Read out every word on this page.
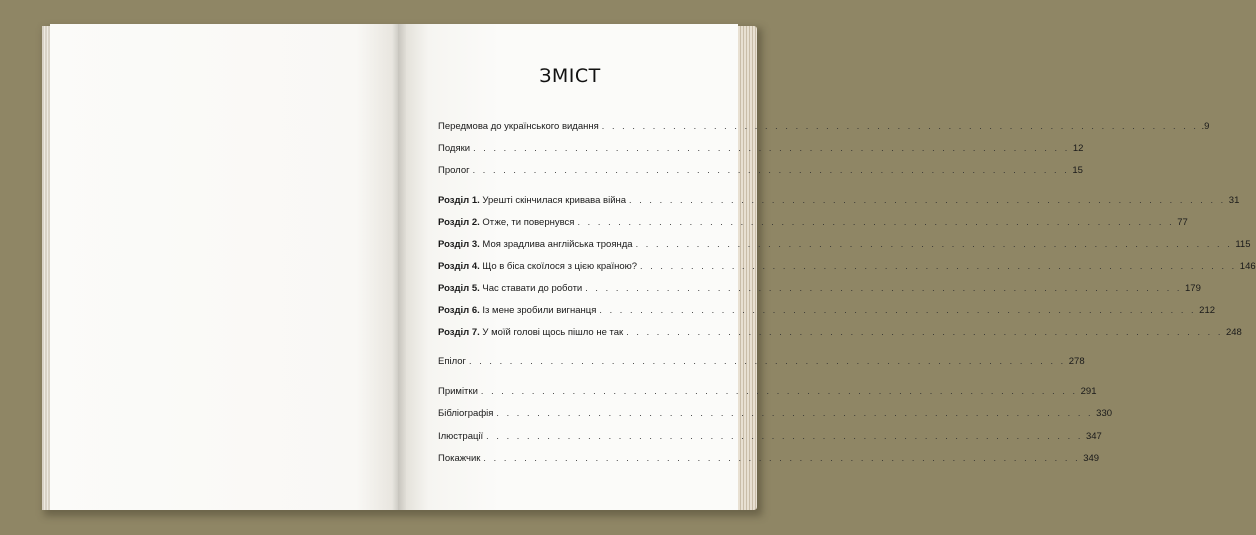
ЗМІСТ
Передмова до українського видання . . . . . . . . . . . . . . . . . . . . . . . . . . . . . . . . . . . . . . . . . . . . . . . . . . . . . . . . . . . .9
Подяки . . . . . . . . . . . . . . . . . . . . . . . . . . . . . . . . . . . . . . . . . . . . . . . . . . . . . . . . . . . 12
Пролог . . . . . . . . . . . . . . . . . . . . . . . . . . . . . . . . . . . . . . . . . . . . . . . . . . . . . . . . . . . 15
Розділ 1. Урешті скінчилася кривава війна . . . . . . . . . . . . . . . . . . . . . . . . . . . . . . . . . . . . . . . . . . . . . . . . . . . . . . . . . . . 31
Розділ 2. Отже, ти повернувся . . . . . . . . . . . . . . . . . . . . . . . . . . . . . . . . . . . . . . . . . . . . . . . . . . . . . . . . . . . 77
Розділ 3. Моя зрадлива англійська троянда . . . . . . . . . . . . . . . . . . . . . . . . . . . . . . . . . . . . . . . . . . . . . . . . . . . . . . . . . . . 115
Розділ 4. Що в біса скоїлося з цією країною? . . . . . . . . . . . . . . . . . . . . . . . . . . . . . . . . . . . . . . . . . . . . . . . . . . . . . . . . . . . 146
Розділ 5. Час ставати до роботи . . . . . . . . . . . . . . . . . . . . . . . . . . . . . . . . . . . . . . . . . . . . . . . . . . . . . . . . . . . 179
Розділ 6. Із мене зробили вигнанця . . . . . . . . . . . . . . . . . . . . . . . . . . . . . . . . . . . . . . . . . . . . . . . . . . . . . . . . . . . 212
Розділ 7. У моїй голові щось пішло не так . . . . . . . . . . . . . . . . . . . . . . . . . . . . . . . . . . . . . . . . . . . . . . . . . . . . . . . . . . . 248
Епілог . . . . . . . . . . . . . . . . . . . . . . . . . . . . . . . . . . . . . . . . . . . . . . . . . . . . . . . . . . . 278
Примітки . . . . . . . . . . . . . . . . . . . . . . . . . . . . . . . . . . . . . . . . . . . . . . . . . . . . . . . . . . . 291
Бібліографія . . . . . . . . . . . . . . . . . . . . . . . . . . . . . . . . . . . . . . . . . . . . . . . . . . . . . . . . . . . 330
Ілюстрації . . . . . . . . . . . . . . . . . . . . . . . . . . . . . . . . . . . . . . . . . . . . . . . . . . . . . . . . . . . 347
Покажчик . . . . . . . . . . . . . . . . . . . . . . . . . . . . . . . . . . . . . . . . . . . . . . . . . . . . . . . . . . . 349
